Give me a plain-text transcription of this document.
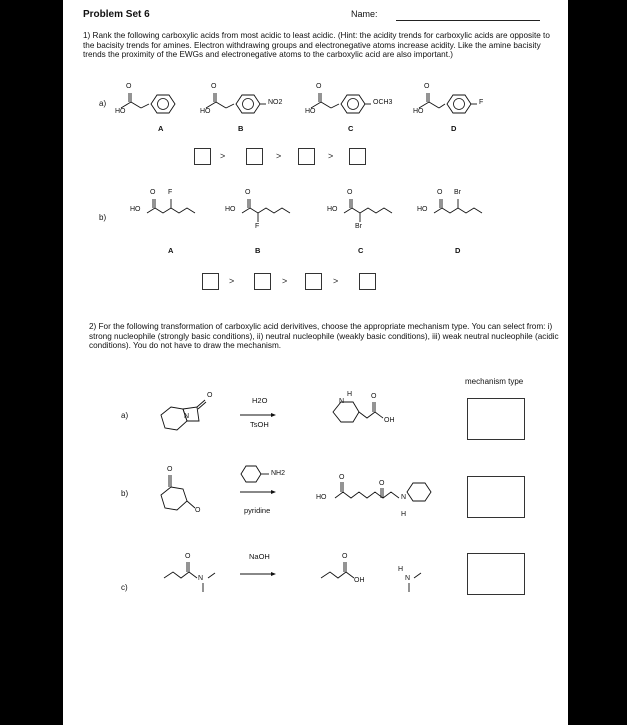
Problem Set 6	Name:
1) Rank the following carboxylic acids from most acidic to least acidic. (Hint: the acidity trends for carboxylic acids are opposite to the bacisity trends for amines. Electron withdrawing groups and electronegative atoms increase acidity. Like the amine bacisity trends the proximity of the EWGs and electronegative atoms to the carboxylic acid are also important.)
a)
O
HO
O
HO
NO2
O
HO
OCH3
O
HO
F
A	B	C	D
>	>	>
b)
HO
O F
HO
O
F
HO
O
Br
HO
O Br
A	B	C	D
>	>	>
2) For the following transformation of carboxylic acid derivitives, choose the appropriate mechanism type. You can select from: i) strong nucleophile (strongly basic conditions), ii) neutral nucleophile (weakly basic conditions), iii) weak neutral nucleophile (acidic conditions). You do not have to draw the mechanism.
mechanism type
a)	N
O
H2O
TsOH
N
H	O
OH
b)
O
O
NH2
pyridine
HO
O
O
N
H
c)
O
N
NaOH	O
OH
H
N
